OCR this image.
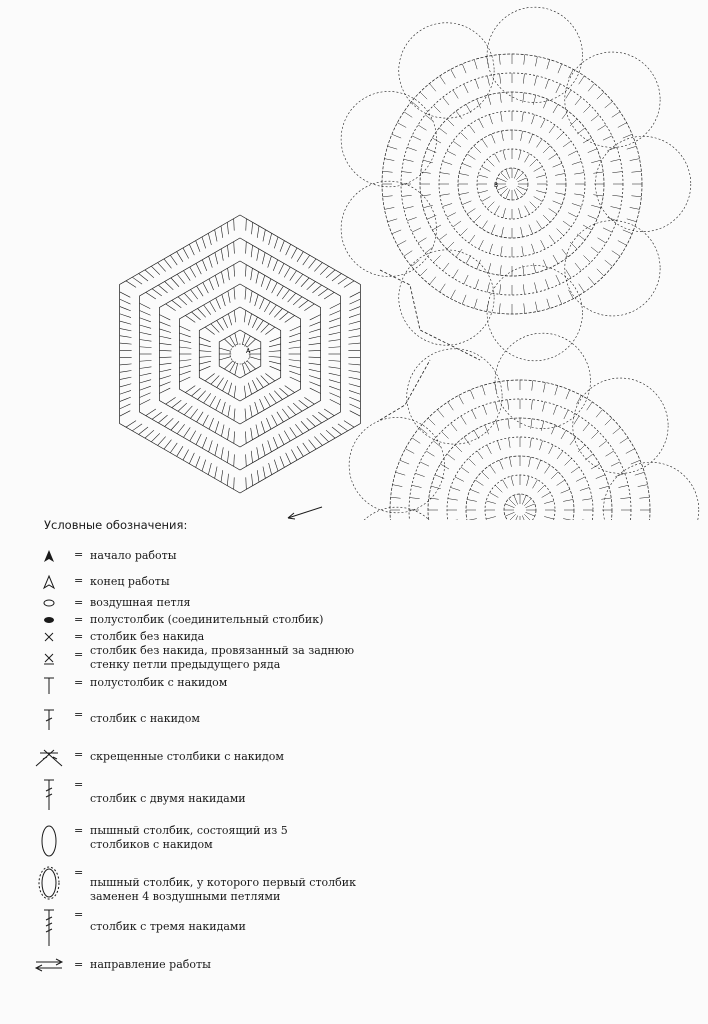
A
B
Условные обозначения:
= начало работы
= конец работы
= воздушная петля
= полустолбик (соединительный столбик)
= столбик без накида
= столбик без накида, провязанный за заднюю
стенку петли предыдущего ряда
= полустолбик с накидом
= столбик с накидом
= скрещенные столбики с накидом
=
столбик с двумя накидами
= пышный столбик, состоящий из 5
столбиков с накидом
=
пышный столбик, у которого первый столбик
заменен 4 воздушными петлями
=
столбик с тремя накидами
= направление работы
